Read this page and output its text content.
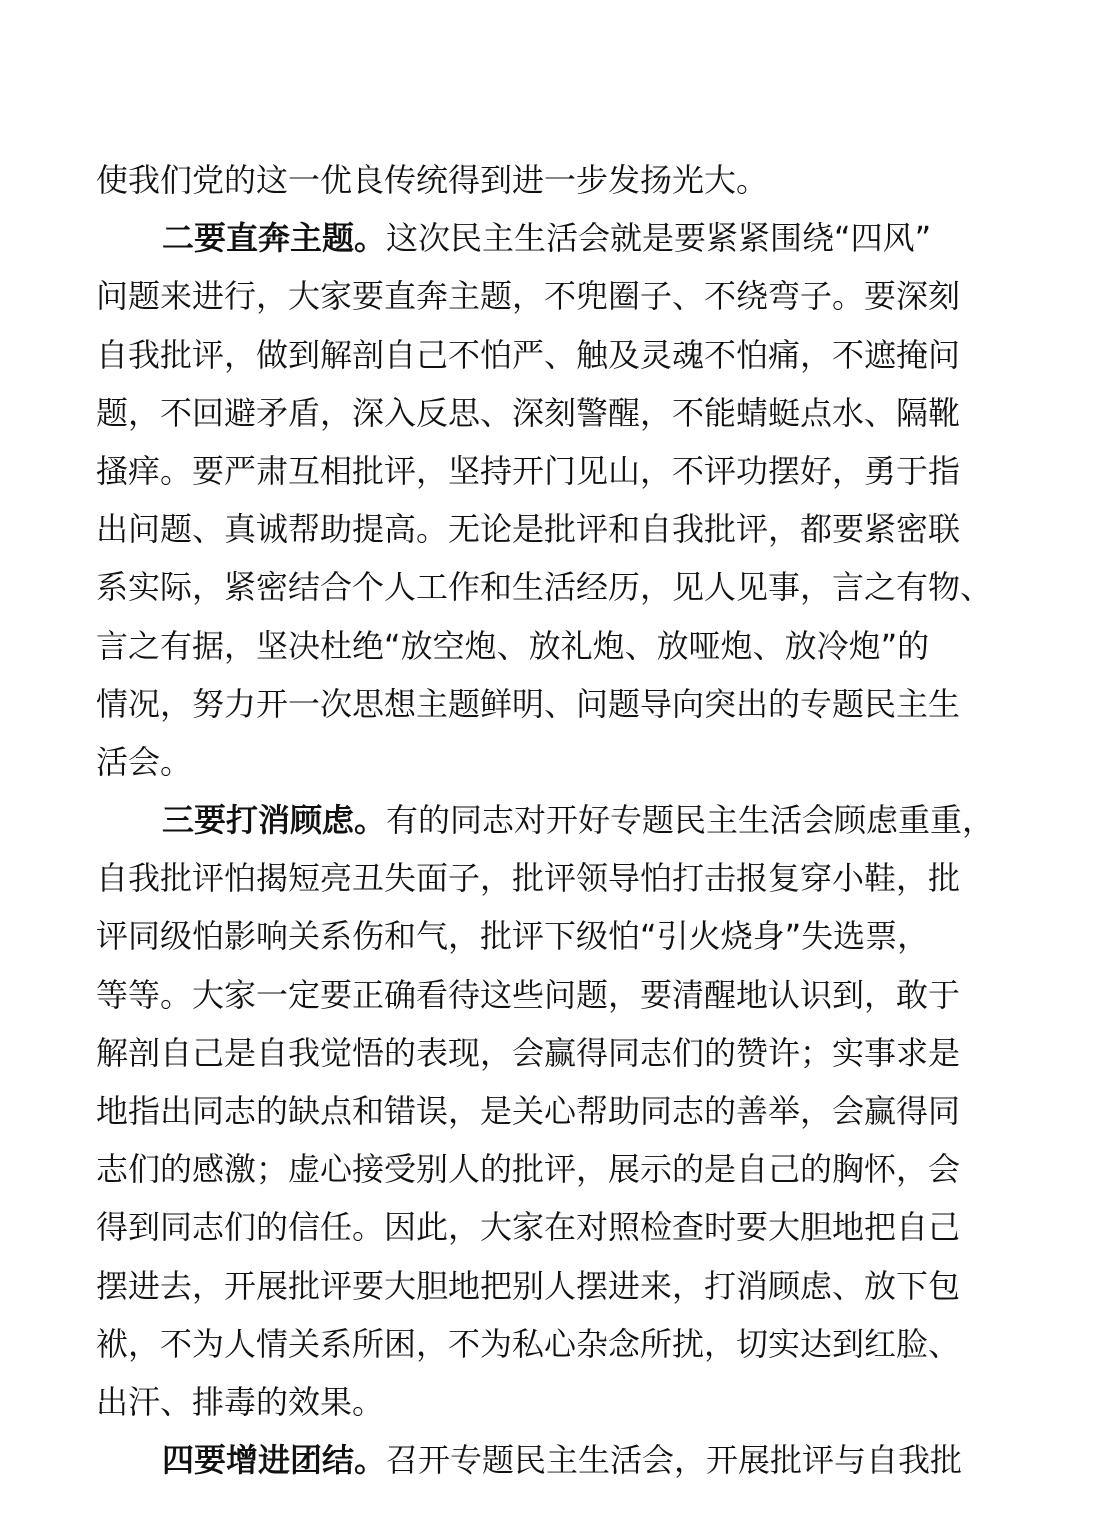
使我们党的这一优良传统得到进一步发扬光大。
二要直奔主题。这次民主生活会就是要紧紧围绕“四风”
问题来进行，大家要直奔主题，不兜圈子、不绕弯子。要深刻
自我批评，做到解剖自己不怕严、触及灵魂不怕痛，不遮掩问
题，不回避矛盾，深入反思、深刻警醒，不能蜻蜓点水、隔靴
搔痒。要严肃互相批评，坚持开门见山，不评功摆好，勇于指
出问题、真诚帮助提高。无论是批评和自我批评，都要紧密联
系实际，紧密结合个人工作和生活经历，见人见事，言之有物、
言之有据，坚决杜绝“放空炮、放礼炮、放哑炮、放冷炮”的
情况，努力开一次思想主题鲜明、问题导向突出的专题民主生
活会。
三要打消顾虑。有的同志对开好专题民主生活会顾虑重重，
自我批评怕揭短亮丑失面子，批评领导怕打击报复穿小鞋，批
评同级怕影响关系伤和气，批评下级怕“引火烧身”失选票，
等等。大家一定要正确看待这些问题，要清醒地认识到，敢于
解剖自己是自我觉悟的表现，会赢得同志们的赞许；实事求是
地指出同志的缺点和错误，是关心帮助同志的善举，会赢得同
志们的感激；虚心接受别人的批评，展示的是自己的胸怀，会
得到同志们的信任。因此，大家在对照检查时要大胆地把自己
摆进去，开展批评要大胆地把别人摆进来，打消顾虑、放下包
袱，不为人情关系所困，不为私心杂念所扰，切实达到红脸、
出汗、排毒的效果。
四要增进团结。召开专题民主生活会，开展批评与自我批
